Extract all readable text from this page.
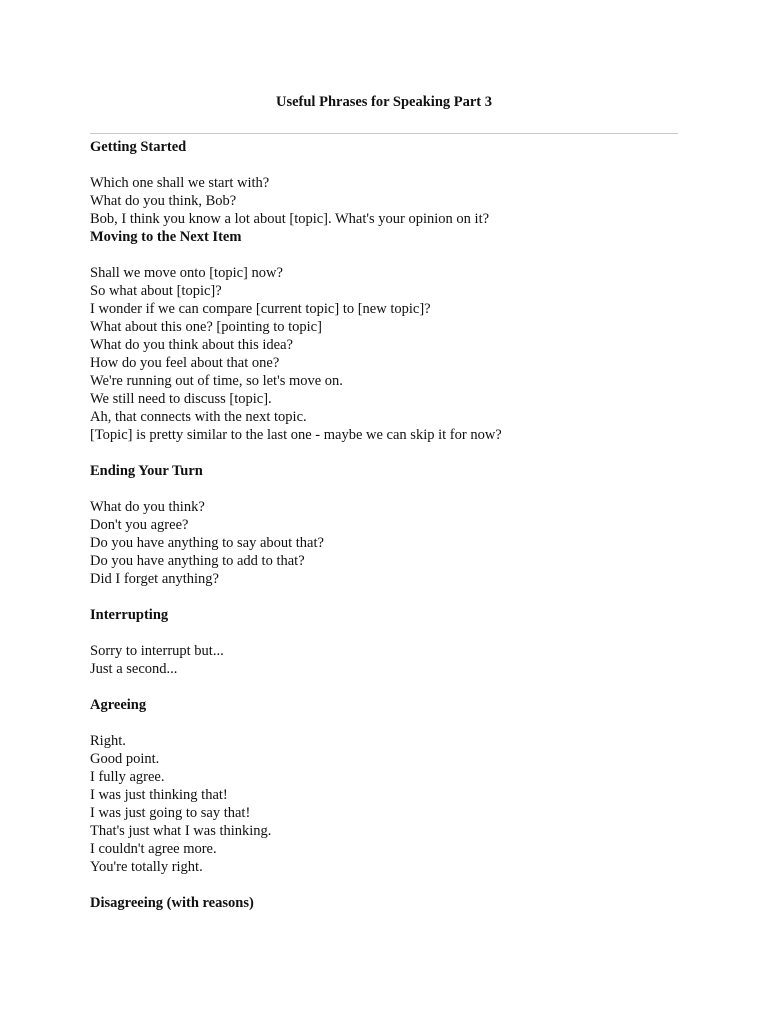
Useful Phrases for Speaking Part 3
Getting Started
Which one shall we start with?
What do you think, Bob?
Bob, I think you know a lot about [topic]. What's your opinion on it?
Moving to the Next Item
Shall we move onto [topic] now?
So what about [topic]?
I wonder if we can compare [current topic] to [new topic]?
What about this one? [pointing to topic]
What do you think about this idea?
How do you feel about that one?
We're running out of time, so let's move on.
We still need to discuss [topic].
Ah, that connects with the next topic.
[Topic] is pretty similar to the last one - maybe we can skip it for now?
Ending Your Turn
What do you think?
Don't you agree?
Do you have anything to say about that?
Do you have anything to add to that?
Did I forget anything?
Interrupting
Sorry to interrupt but...
Just a second...
Agreeing
Right.
Good point.
I fully agree.
I was just thinking that!
I was just going to say that!
That's just what I was thinking.
I couldn't agree more.
You're totally right.
Disagreeing (with reasons)
